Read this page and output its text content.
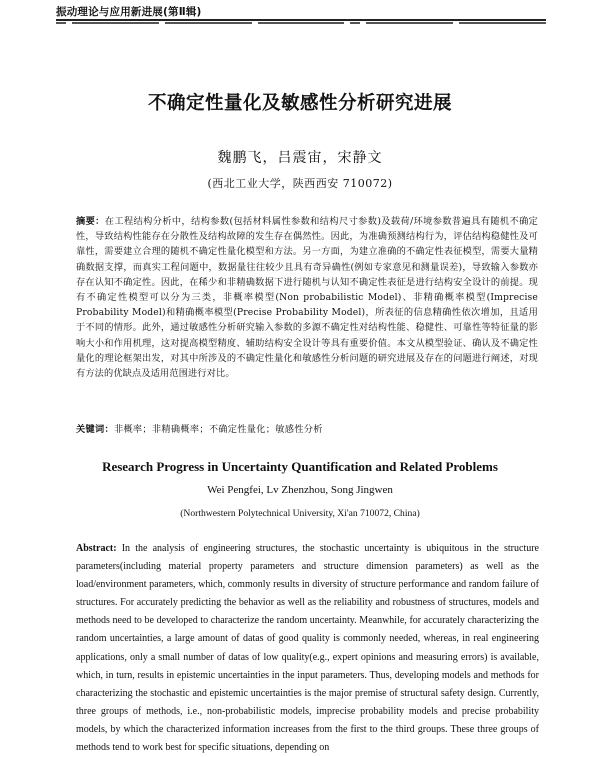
振动理论与应用新进展(第Ⅱ辑)
不确定性量化及敏感性分析研究进展
魏鹏飞，吕震宙，宋静文
(西北工业大学，陕西西安 710072)
摘要：在工程结构分析中，结构参数(包括材料属性参数和结构尺寸参数)及载荷/环境参数普遍具有随机不确定性，导致结构性能存在分散性及结构故障的发生存在偶然性。因此，为准确预测结构行为，评估结构稳健性及可靠性，需要建立合理的随机不确定性量化模型和方法。另一方面，为建立准确的不确定性表征模型，需要大量精确数据支撑，而真实工程问题中，数据量往往较少且具有奇异确性(例如专家意见和测量误差)，导致输入参数亦存在认知不确定性。因此，在稀少和非精确数据下进行随机与认知不确定性表征是进行结构安全设计的前提。现有不确定性模型可以分为三类，非概率模型(Non probabilistic Model)、非精确概率模型(Imprecise Probability Model)和精确概率模型(Precise Probability Model)，所表征的信息精确性依次增加，且适用于不同的情形。此外，通过敏感性分析研究输入参数的多源不确定性对结构性能、稳健性、可靠性等特征量的影响大小和作用机理，这对提高模型精度、辅助结构安全设计等具有重要价值。本文从模型验证、确认及不确定性量化的理论框架出发，对其中所涉及的不确定性量化和敏感性分析问题的研究进展及存在的问题进行阐述，对现有方法的优缺点及适用范围进行对比。
关键词：非概率；非精确概率；不确定性量化；敏感性分析
Research Progress in Uncertainty Quantification and Related Problems
Wei Pengfei, Lv Zhenzhou, Song Jingwen
(Northwestern Polytechnical University, Xi'an 710072, China)
Abstract: In the analysis of engineering structures, the stochastic uncertainty is ubiquitous in the structure parameters(including material property parameters and structure dimension parameters) as well as the load/environment parameters, which, commonly results in diversity of structure performance and random failure of structures. For accurately predicting the behavior as well as the reliability and robustness of structures, models and methods need to be developed to characterize the random uncertainty. Meanwhile, for accurately characterizing the random uncertainties, a large amount of datas of good quality is commonly needed, whereas, in real engineering applications, only a small number of datas of low quality(e.g., expert opinions and measuring errors) is available, which, in turn, results in epistemic uncertainties in the input parameters. Thus, developing models and methods for characterizing the stochastic and epistemic uncertainties is the major premise of structural safety design. Currently, three groups of methods, i.e., non-probabilistic models, imprecise probability models and precise probability models, by which the characterized information increases from the first to the third groups. These three groups of methods tend to work best for specific situations, depending on
